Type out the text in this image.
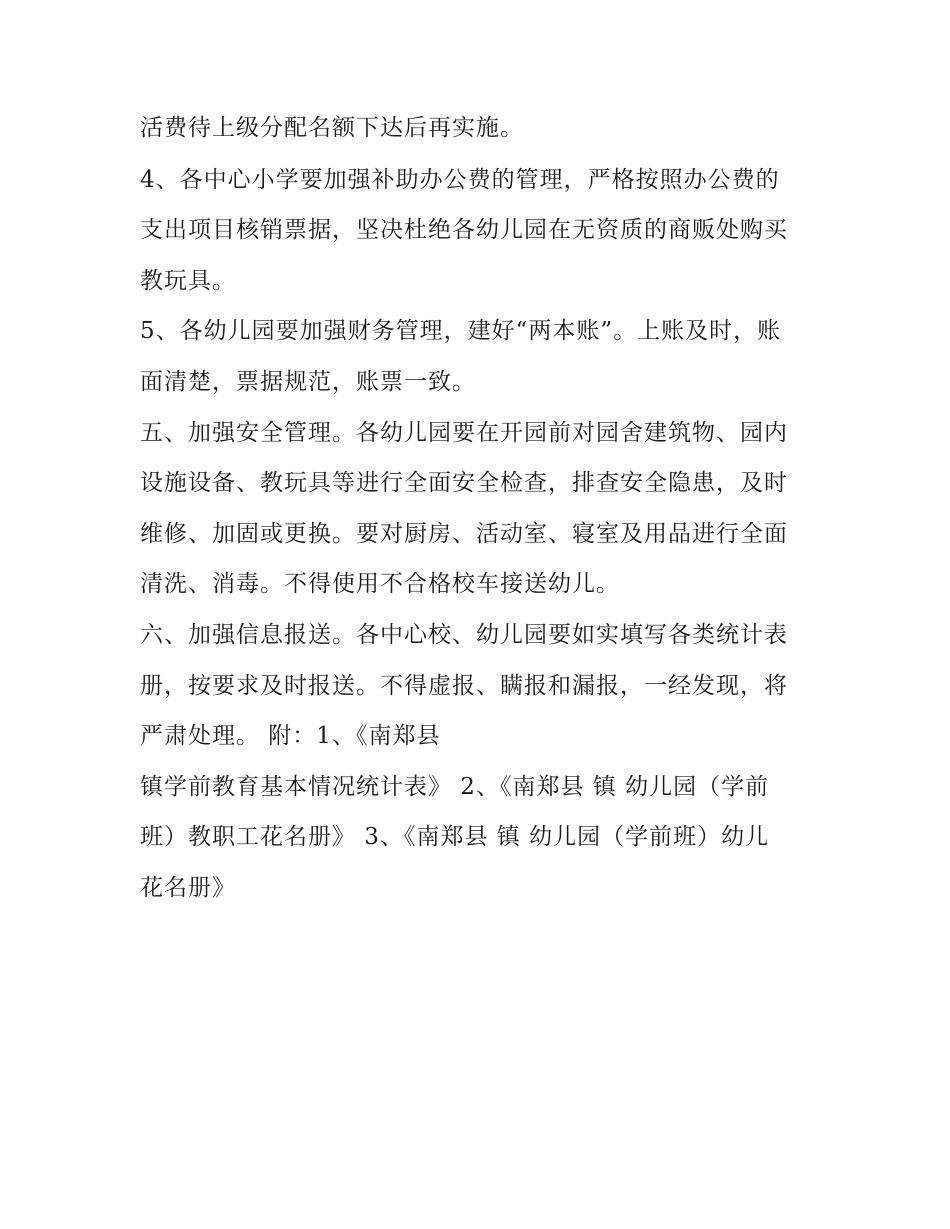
活费待上级分配名额下达后再实施。
4、各中心小学要加强补助办公费的管理，严格按照办公费的
支出项目核销票据，坚决杜绝各幼儿园在无资质的商贩处购买
教玩具。
5、各幼儿园要加强财务管理，建好“两本账”。上账及时，账
面清楚，票据规范，账票一致。
五、加强安全管理。各幼儿园要在开园前对园舍建筑物、园内
设施设备、教玩具等进行全面安全检查，排查安全隐患，及时
维修、加固或更换。要对厨房、活动室、寝室及用品进行全面
清洗、消毒。不得使用不合格校车接送幼儿。
六、加强信息报送。各中心校、幼儿园要如实填写各类统计表
册，按要求及时报送。不得虚报、瞒报和漏报，一经发现，将
严肃处理。 附：1、《南郑县
镇学前教育基本情况统计表》 2、《南郑县 镇 幼儿园（学前
班）教职工花名册》 3、《南郑县 镇 幼儿园（学前班）幼儿
花名册》
